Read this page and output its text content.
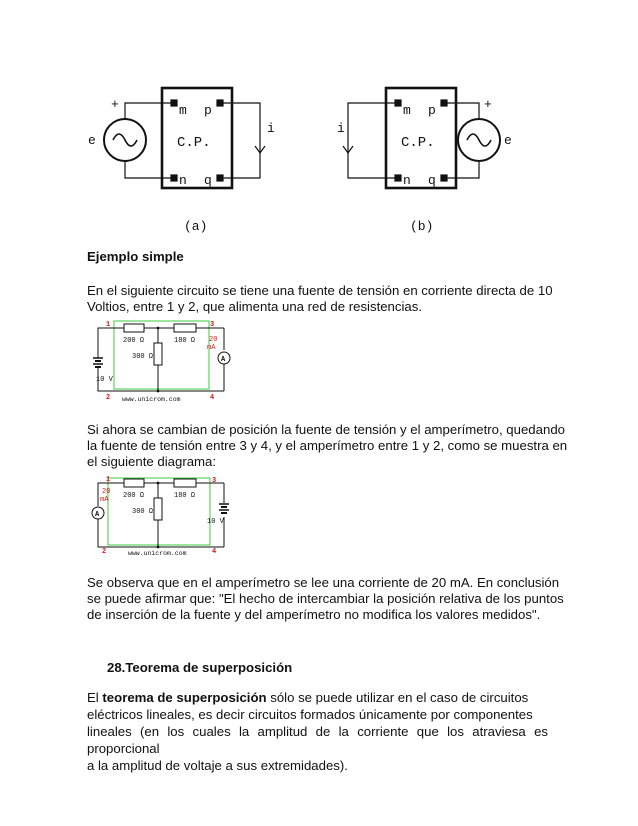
+
e
m p
C.P.
n q
i
(a)
+
e
m p
C.P.
n q
i
(b)
Ejemplo simple
En el siguiente circuito se tiene una fuente de tensión en corriente directa de 10
Voltios, entre 1 y 2, que alimenta una red de resistencias.
1
2
3
4
200 Ω	180 Ω
300 Ω
10 V
20
mA
A
www.unicrom.com
Si ahora se cambian de posición la fuente de tensión y el amperímetro, quedando
la fuente de tensión entre 3 y 4, y el amperímetro entre 1 y 2, como se muestra en
el siguiente diagrama:
1
2
3
4
200 Ω	180 Ω
300 Ω
10 V
20
mA
A
www.unicrom.com
Se observa que en el amperímetro se lee una corriente de 20 mA. En conclusión
se puede afirmar que: "El hecho de intercambiar la posición relativa de los puntos
de inserción de la fuente y del amperímetro no modifica los valores medidos".
28.Teorema de superposición
El teorema de superposición sólo se puede utilizar en el caso de circuitos
eléctricos lineales, es decir circuitos formados únicamente por componentes
lineales (en los cuales la amplitud de la corriente que los atraviesa es proporcional
a la amplitud de voltaje a sus extremidades).
